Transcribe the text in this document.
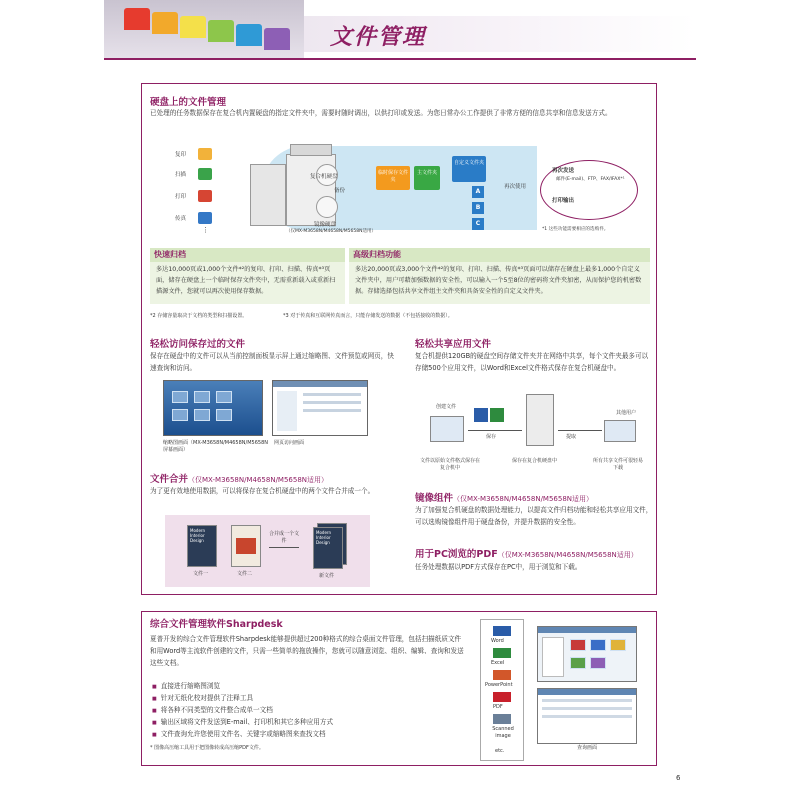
文件管理
硬盘上的文件管理
已处理的任务数据保存在复合机内置硬盘的指定文件夹中，需要时随时调出，以供打印或发送。为您日常办公工作提供了非常方便的信息共享和信息发送方式。
复印
扫描
打印
传真
⋮
复合机硬盘
备份
镜像硬盘
（仅MX-M3658N/M4658N/M5658N适用）
临时保存文件夹
主文件夹
自定义文件夹
A
B
C
再次使用
再次发送
邮件(E-mail)、FTP、FAX/IFAX*¹
打印输出
*1 这些功能需要相应的选购件。
快速归档
多达10,000页或1,000个文件*²的复印、打印、扫描、传真*³页面，储存在硬盘上一个临时保存文件夹中，无需重新载入或重新扫描源文件，您就可以再次使用保存数据。
高级归档功能
多达20,000页或3,000个文件*²的复印、打印、扫描、传真*³页面可以储存在硬盘上最多1,000个自定义文件夹中，用户可藉加强数据的安全性，可以输入一个5至8位的密码将文件夹加密，从而保护您的机密数据。存储选择包括共享文件组主文件夹和具备安全性的自定义文件夹。
*2 存储容量取决于文档的类型和扫描设置。	*3 对于传真和互联网传真而言，只能存储发送的数据（不包括接收的数据）。
轻松访问保存过的文件
保存在硬盘中的文件可以从当前控制面板显示屏上通过缩略图、文件预览或网页，快速查询和访问。
缩略图画面（MX-M3658N/M4658N/M5658N屏幕画面）
网页访问画面
文件合并（仅MX-M3658N/M4658N/M5658N适用）
为了更有效地使用数据，可以将保存在复合机硬盘中的两个文件合并成一个。
Modern Interior Design
文件一	文件二
合并成一个文件
Modern Interior Design
新文件
轻松共享应用文件
复合机提供120GB的硬盘空间存储文件夹并在网络中共享，每个文件夹最多可以存储500个应用文件，以Word和Excel文件格式保存在复合机硬盘中。
创建文件
保存	提取
其他用户
文件以原始文件格式保存在复合机中
保存在复合机硬盘中	所有共享文件可很轻易下载
镜像组件（仅MX-M3658N/M4658N/M5658N适用）
为了加强复合机硬盘的数据处理能力，以提高文件归档功能和轻松共享应用文件，可以选购镜像组件用于硬盘备份，并提升数据的安全性。
用于PC浏览的PDF（仅MX-M3658N/M4658N/M5658N适用）
任务处理数据以PDF方式保存在PC中，用于浏览和下载。
综合文件管理软件Sharpdesk
夏普开发的综合文件管理软件Sharpdesk能够提供超过200种格式的综合桌面文件管理，包括扫描纸质文件和用Word等主流软件创建的文件，只需一些简单的拖放操作，您就可以随意浏览、组织、编辑、查询和发送这些文档。
■ 直接进行缩略图浏览
■ 针对无纸化校对提供了注释工具
■ 将各种不同类型的文件整合成单一文档
■ 输出区域将文件发送到E-mail、打印机和其它多种应用方式
■ 文件查询允许您使用文件名、关键字或缩略图来查找文档
* 图像高压缩工具用于把图像转成高压缩PDF文件。
Word
Excel
PowerPoint
PDF
Scanned image
etc.	查询画面
6
